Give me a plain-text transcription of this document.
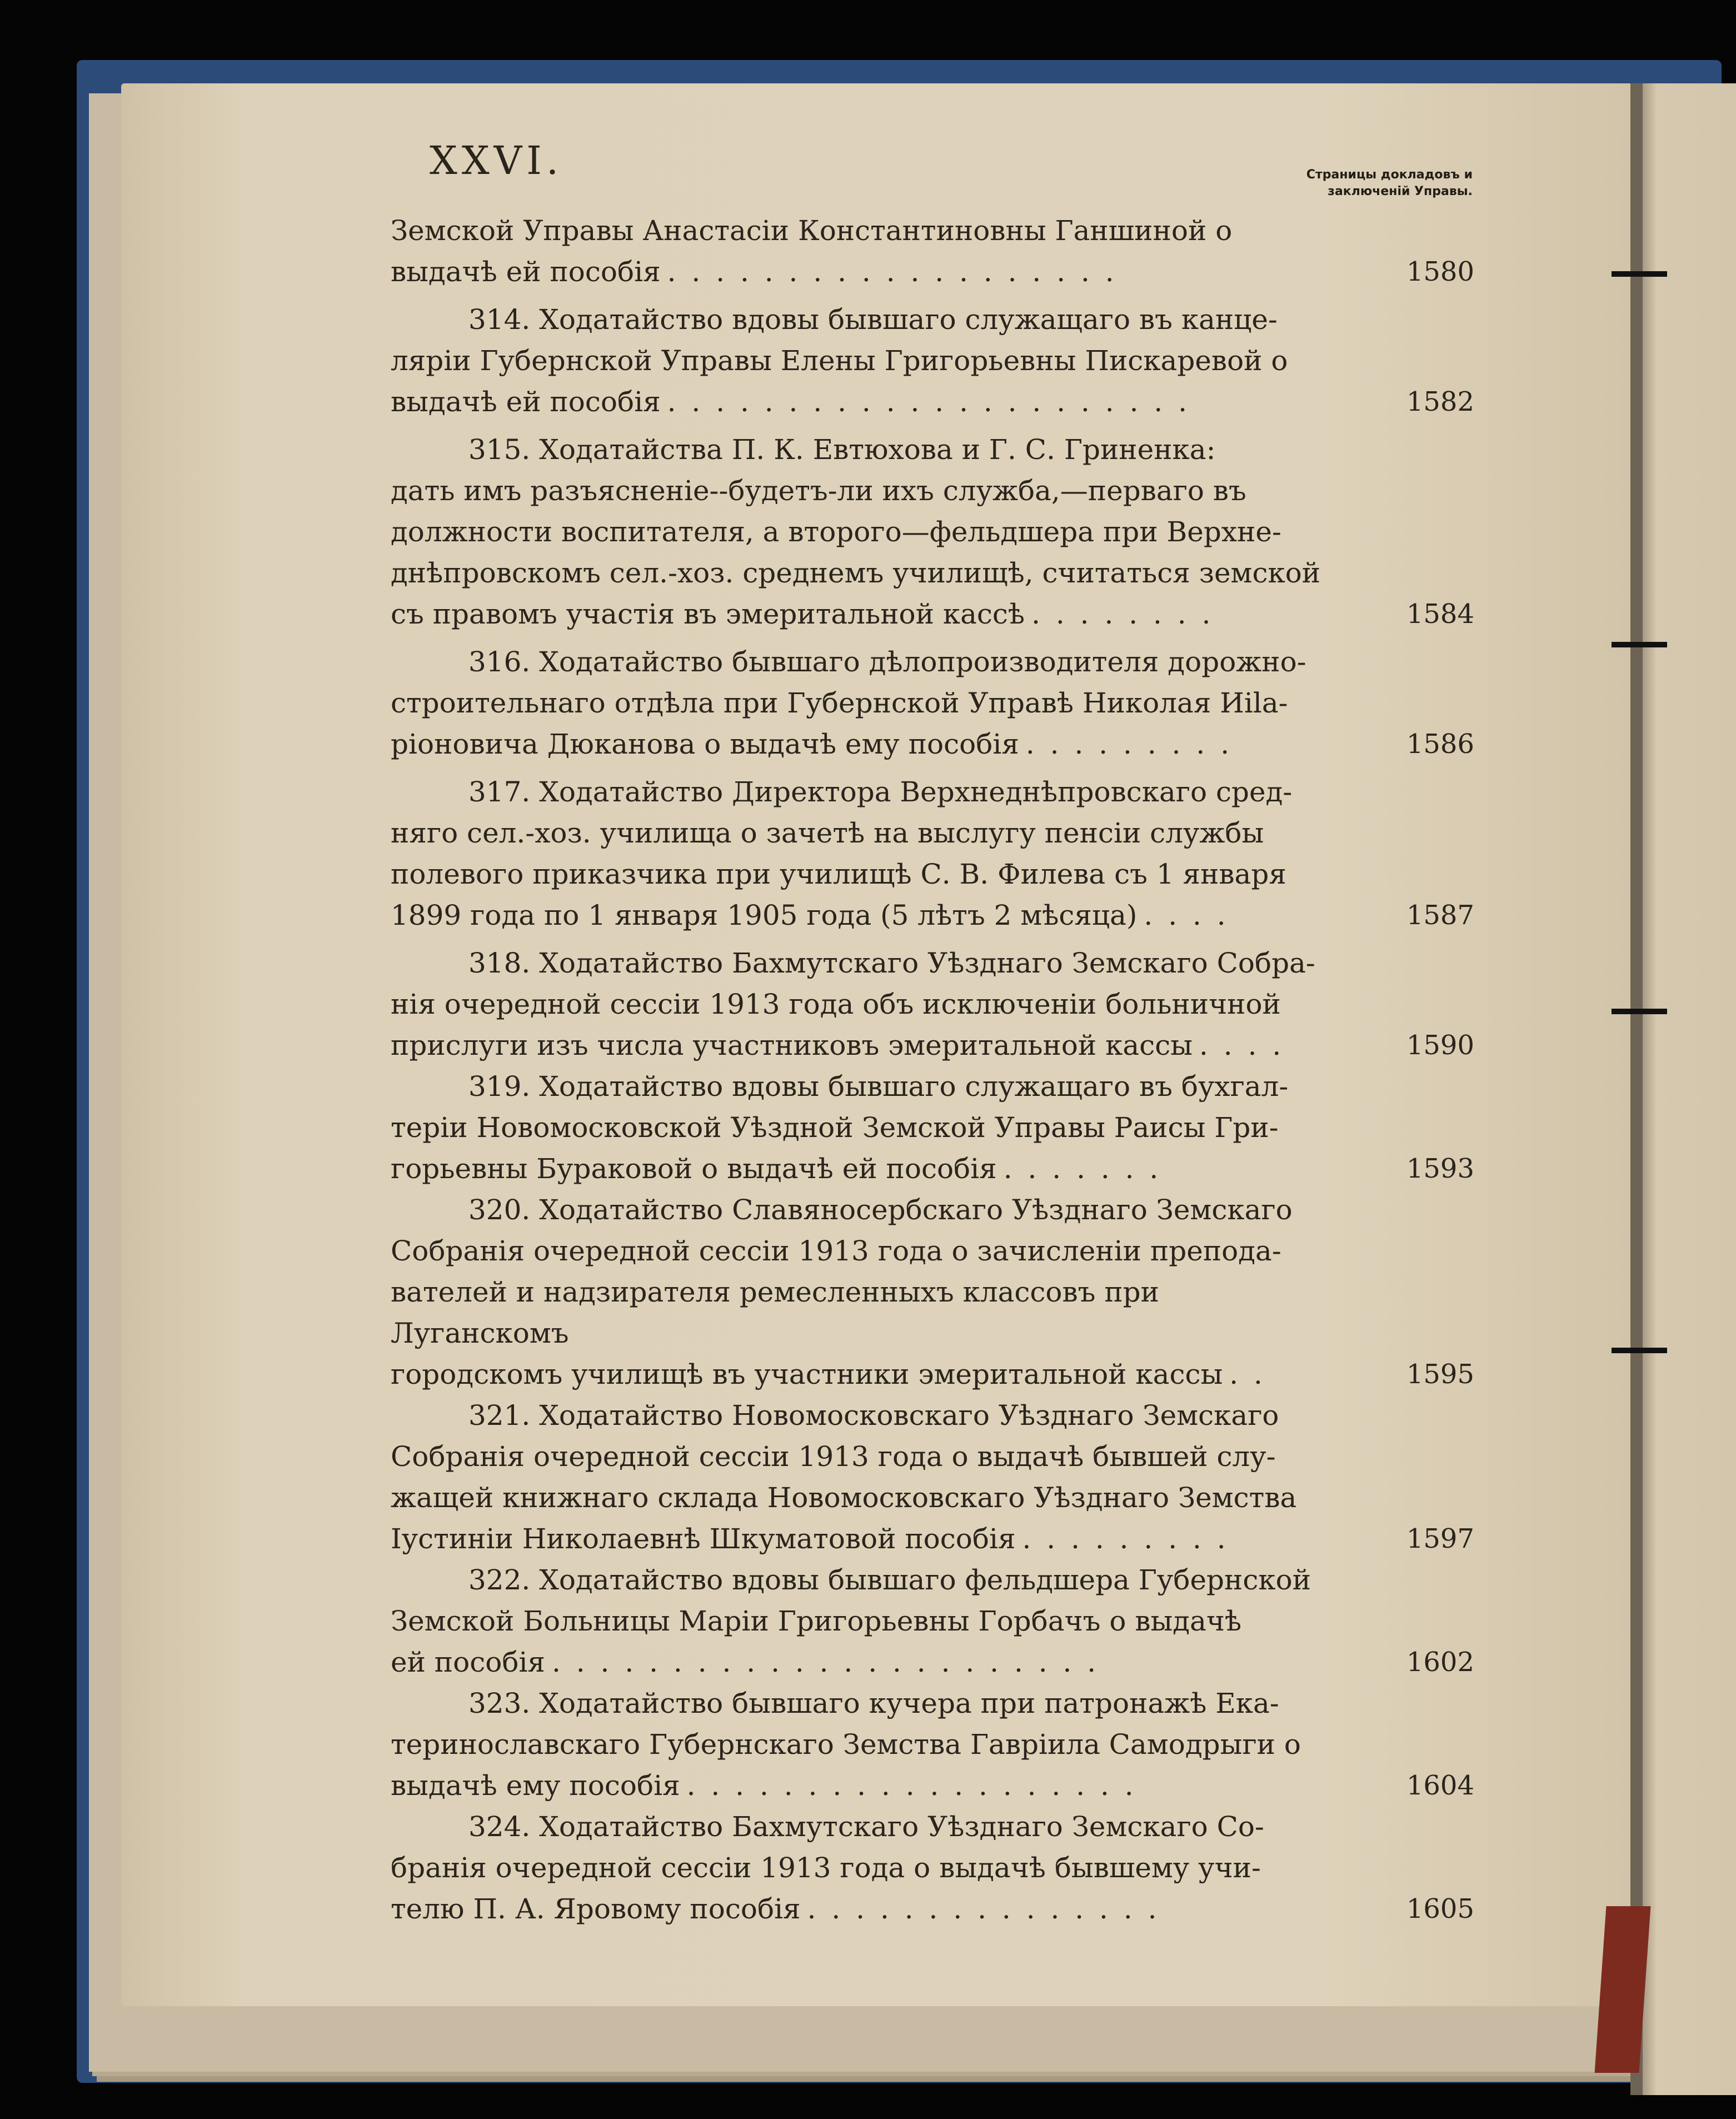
XXVI.	Страницы докладовъ и
заключеній Управы.

Земской Управы Анастасіи Константиновны Ганшиной о
выдачѣ ей пособія . . . . . . . . . . . . . . . . . . .	1580

314. Ходатайство вдовы бывшаго служащаго въ канце-
ляріи Губернской Управы Елены Григорьевны Пискаревой о
выдачѣ ей пособія . . . . . . . . . . . . . . . . . . . . . .	1582

315. Ходатайства П. К. Евтюхова и Г. С. Гриненка:
дать имъ разъясненіе--будетъ-ли ихъ служба,—перваго въ
должности воспитателя, а второго—фельдшера при Верхне-
днѣпровскомъ сел.-хоз. среднемъ училищѣ, считаться земской
съ правомъ участія въ эмеритальной кассѣ . . . . . . . .	1584

316. Ходатайство бывшаго дѣлопроизводителя дорожно-
строительнаго отдѣла при Губернской Управѣ Николая Иila-
ріоновича Дюканова о выдачѣ ему пособія . . . . . . . . .	1586

317. Ходатайство Директора Верхнеднѣпровскаго сред-
няго сел.-хоз. училища о зачетѣ на выслугу пенсіи службы
полевого приказчика при училищѣ С. В. Филева съ 1 января
1899 года по 1 января 1905 года (5 лѣтъ 2 мѣсяца) . . . .	1587

318. Ходатайство Бахмутскаго Уѣзднаго Земскаго Собра-
нія очередной сессіи 1913 года объ исключеніи больничной
прислуги изъ числа участниковъ эмеритальной кассы . . . .	1590

319. Ходатайство вдовы бывшаго служащаго въ бухгал-
теріи Новомосковской Уѣздной Земской Управы Раисы Гри-
горьевны Бураковой о выдачѣ ей пособія . . . . . . .	1593

320. Ходатайство Славяносербскаго Уѣзднаго Земскаго
Собранія очередной сессіи 1913 года о зачисленіи препода-
вателей и надзирателя ремесленныхъ классовъ при Луганскомъ
городскомъ училищѣ въ участники эмеритальной кассы . .	1595

321. Ходатайство Новомосковскаго Уѣзднаго Земскаго
Собранія очередной сессіи 1913 года о выдачѣ бывшей слу-
жащей книжнаго склада Новомосковскаго Уѣзднаго Земства
Іустиніи Николаевнѣ Шкуматовой пособія . . . . . . . . .	1597

322. Ходатайство вдовы бывшаго фельдшера Губернской
Земской Больницы Маріи Григорьевны Горбачъ о выдачѣ
ей пособія . . . . . . . . . . . . . . . . . . . . . . .	1602

323. Ходатайство бывшаго кучера при патронажѣ Ека-
теринославскаго Губернскаго Земства Гавріила Самодрыги о
выдачѣ ему пособія . . . . . . . . . . . . . . . . . . .	1604

324. Ходатайство Бахмутскаго Уѣзднаго Земскаго Со-
бранія очередной сессіи 1913 года о выдачѣ бывшему учи-
телю П. А. Яровому пособія . . . . . . . . . . . . . . .	1605
